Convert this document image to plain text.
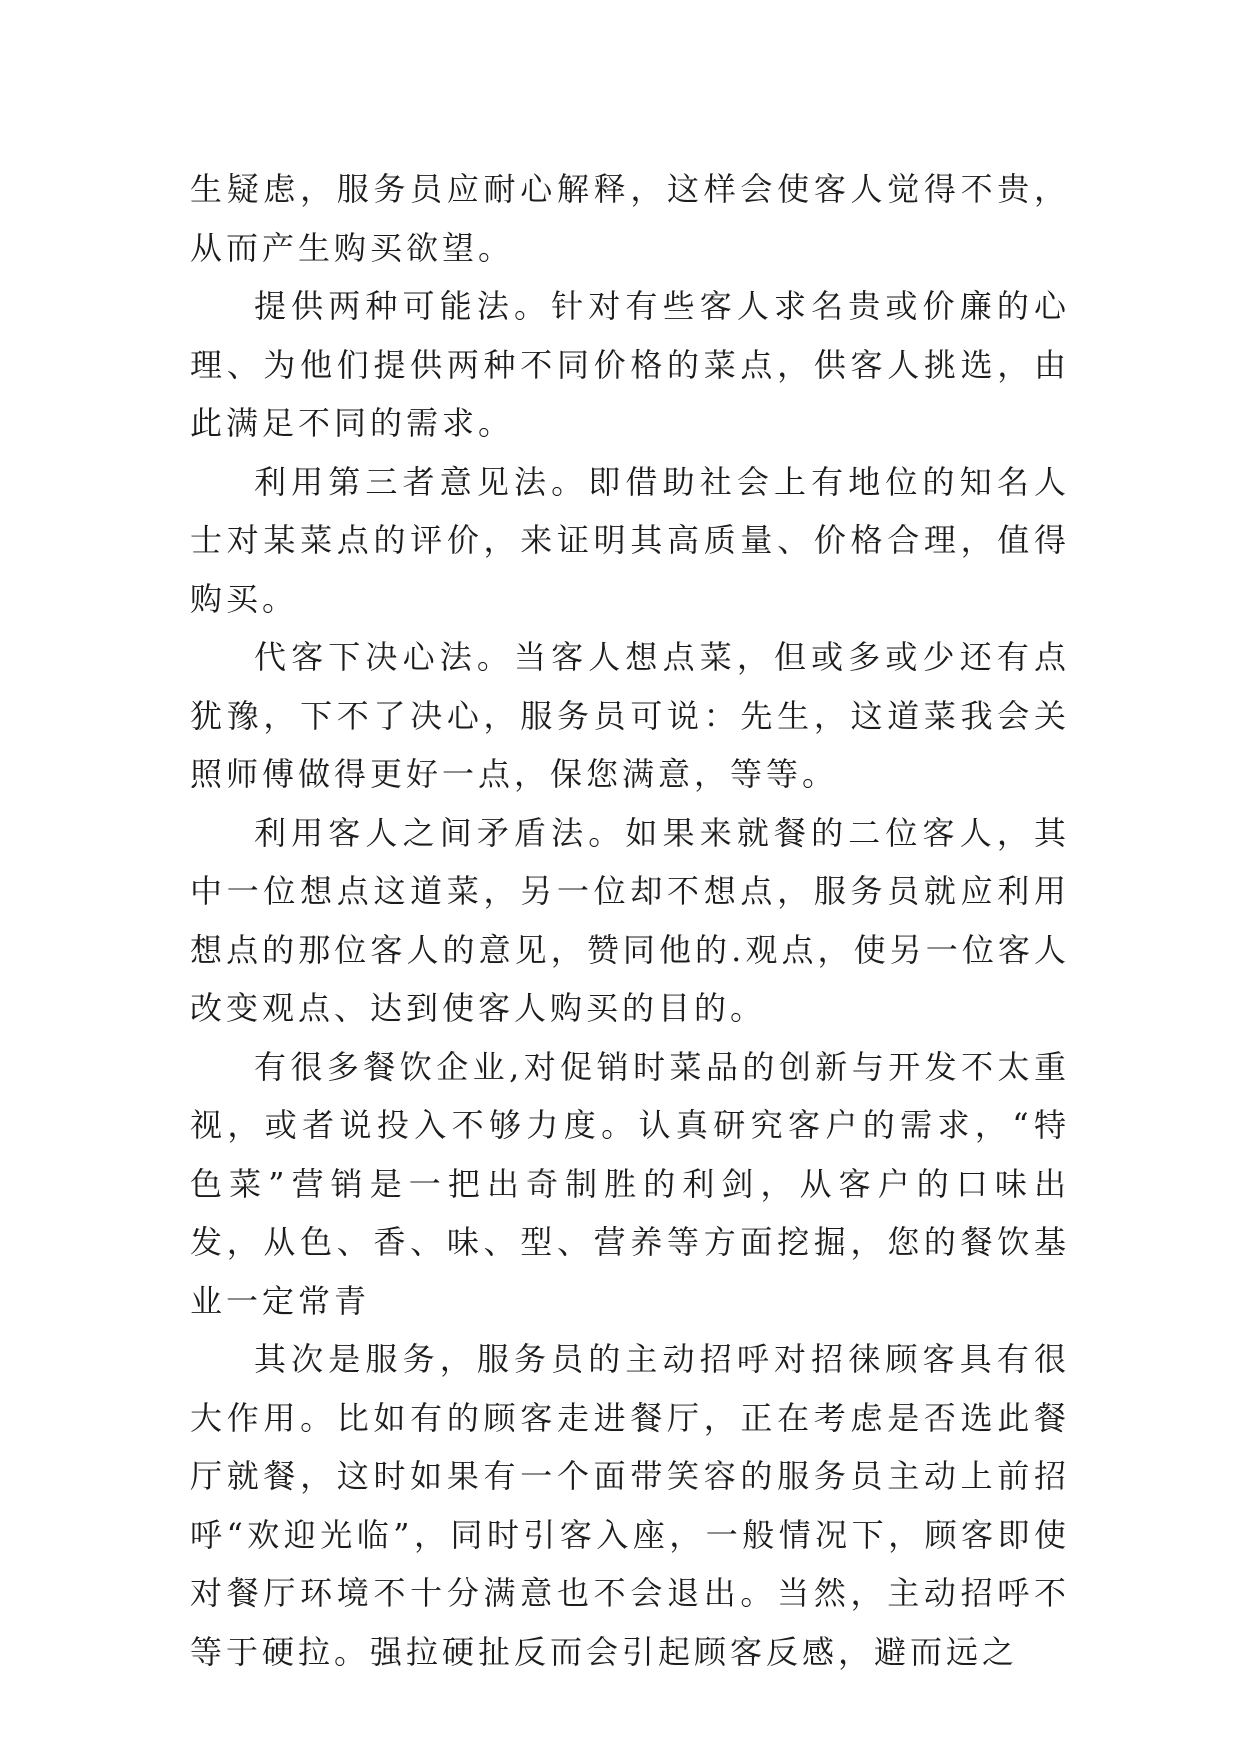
生疑虑，服务员应耐心解释，这样会使客人觉得不贵，从而产生购买欲望。

提供两种可能法。针对有些客人求名贵或价廉的心理、为他们提供两种不同价格的菜点，供客人挑选，由此满足不同的需求。

利用第三者意见法。即借助社会上有地位的知名人士对某菜点的评价，来证明其高质量、价格合理，值得购买。

代客下决心法。当客人想点菜，但或多或少还有点犹豫，下不了决心，服务员可说：先生，这道菜我会关照师傅做得更好一点，保您满意，等等。

利用客人之间矛盾法。如果来就餐的二位客人，其中一位想点这道菜，另一位却不想点，服务员就应利用想点的那位客人的意见，赞同他的.观点，使另一位客人改变观点、达到使客人购买的目的。

有很多餐饮企业,对促销时菜品的创新与开发不太重视，或者说投入不够力度。认真研究客户的需求，“特色菜”营销是一把出奇制胜的利剑，从客户的口味出发，从色、香、味、型、营养等方面挖掘，您的餐饮基业一定常青

其次是服务，服务员的主动招呼对招徕顾客具有很大作用。比如有的顾客走进餐厅，正在考虑是否选此餐厅就餐，这时如果有一个面带笑容的服务员主动上前招呼“欢迎光临”，同时引客入座，一般情况下，顾客即使对餐厅环境不十分满意也不会退出。当然，主动招呼不等于硬拉。强拉硬扯反而会引起顾客反感，避而远之
